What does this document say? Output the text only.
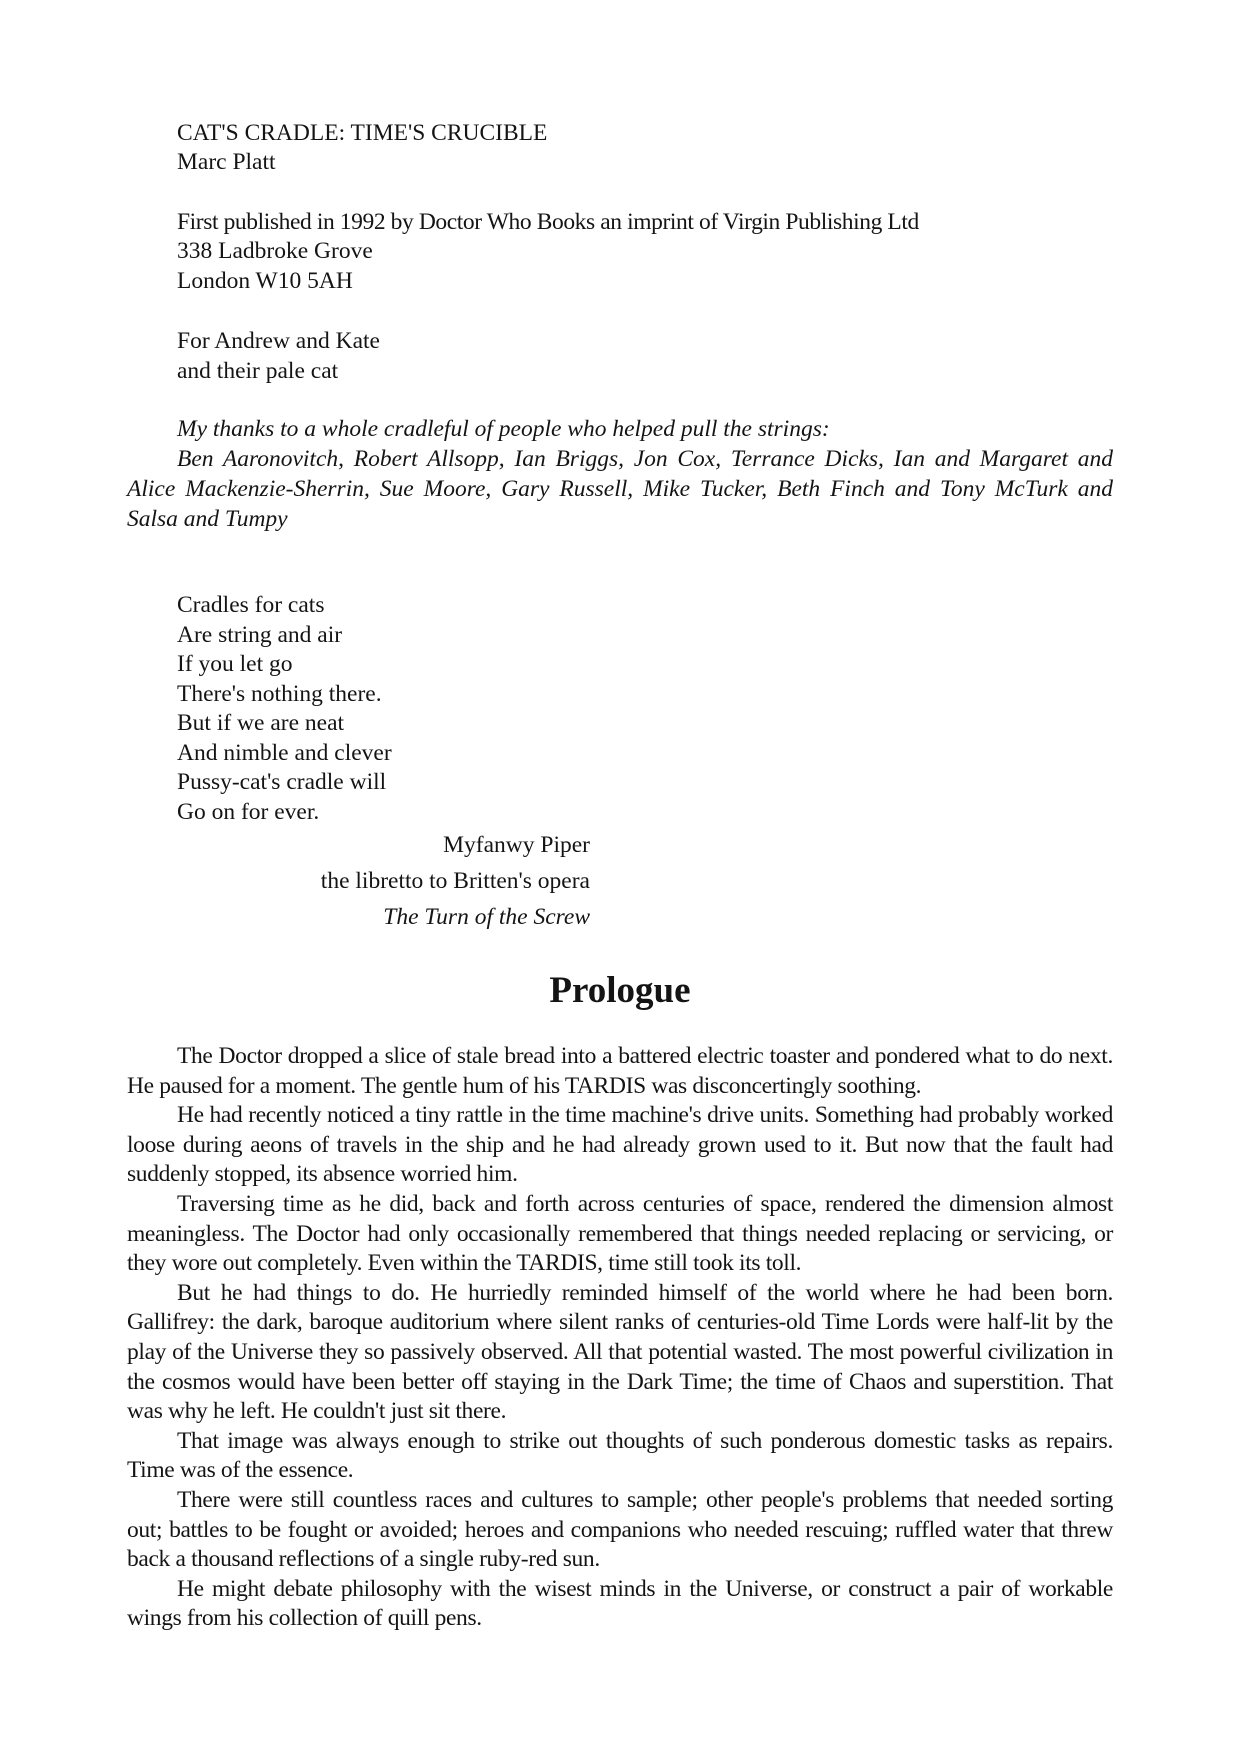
CAT'S CRADLE: TIME'S CRUCIBLE
Marc Platt
First published in 1992 by Doctor Who Books an imprint of Virgin Publishing Ltd
338 Ladbroke Grove
London W10 5AH
For Andrew and Kate
and their pale cat
My thanks to a whole cradleful of people who helped pull the strings:
Ben Aaronovitch, Robert Allsopp, Ian Briggs, Jon Cox, Terrance Dicks, Ian and Margaret and Alice Mackenzie-Sherrin, Sue Moore, Gary Russell, Mike Tucker, Beth Finch and Tony McTurk and Salsa and Tumpy
Cradles for cats
Are string and air
If you let go
There's nothing there.
But if we are neat
And nimble and clever
Pussy-cat's cradle will
Go on for ever.
Myfanwy Piper
the libretto to Britten's opera
The Turn of the Screw
Prologue

The Doctor dropped a slice of stale bread into a battered electric toaster and pondered what to do next. He paused for a moment. The gentle hum of his TARDIS was disconcertingly soothing.

He had recently noticed a tiny rattle in the time machine's drive units. Something had probably worked loose during aeons of travels in the ship and he had already grown used to it. But now that the fault had suddenly stopped, its absence worried him.

Traversing time as he did, back and forth across centuries of space, rendered the dimension almost meaningless. The Doctor had only occasionally remembered that things needed replacing or servicing, or they wore out completely. Even within the TARDIS, time still took its toll.

But he had things to do. He hurriedly reminded himself of the world where he had been born. Gallifrey: the dark, baroque auditorium where silent ranks of centuries-old Time Lords were half-lit by the play of the Universe they so passively observed. All that potential wasted. The most powerful civilization in the cosmos would have been better off staying in the Dark Time; the time of Chaos and superstition. That was why he left. He couldn't just sit there.

That image was always enough to strike out thoughts of such ponderous domestic tasks as repairs. Time was of the essence.

There were still countless races and cultures to sample; other people's problems that needed sorting out; battles to be fought or avoided; heroes and companions who needed rescuing; ruffled water that threw back a thousand reflections of a single ruby-red sun.

He might debate philosophy with the wisest minds in the Universe, or construct a pair of workable wings from his collection of quill pens.
